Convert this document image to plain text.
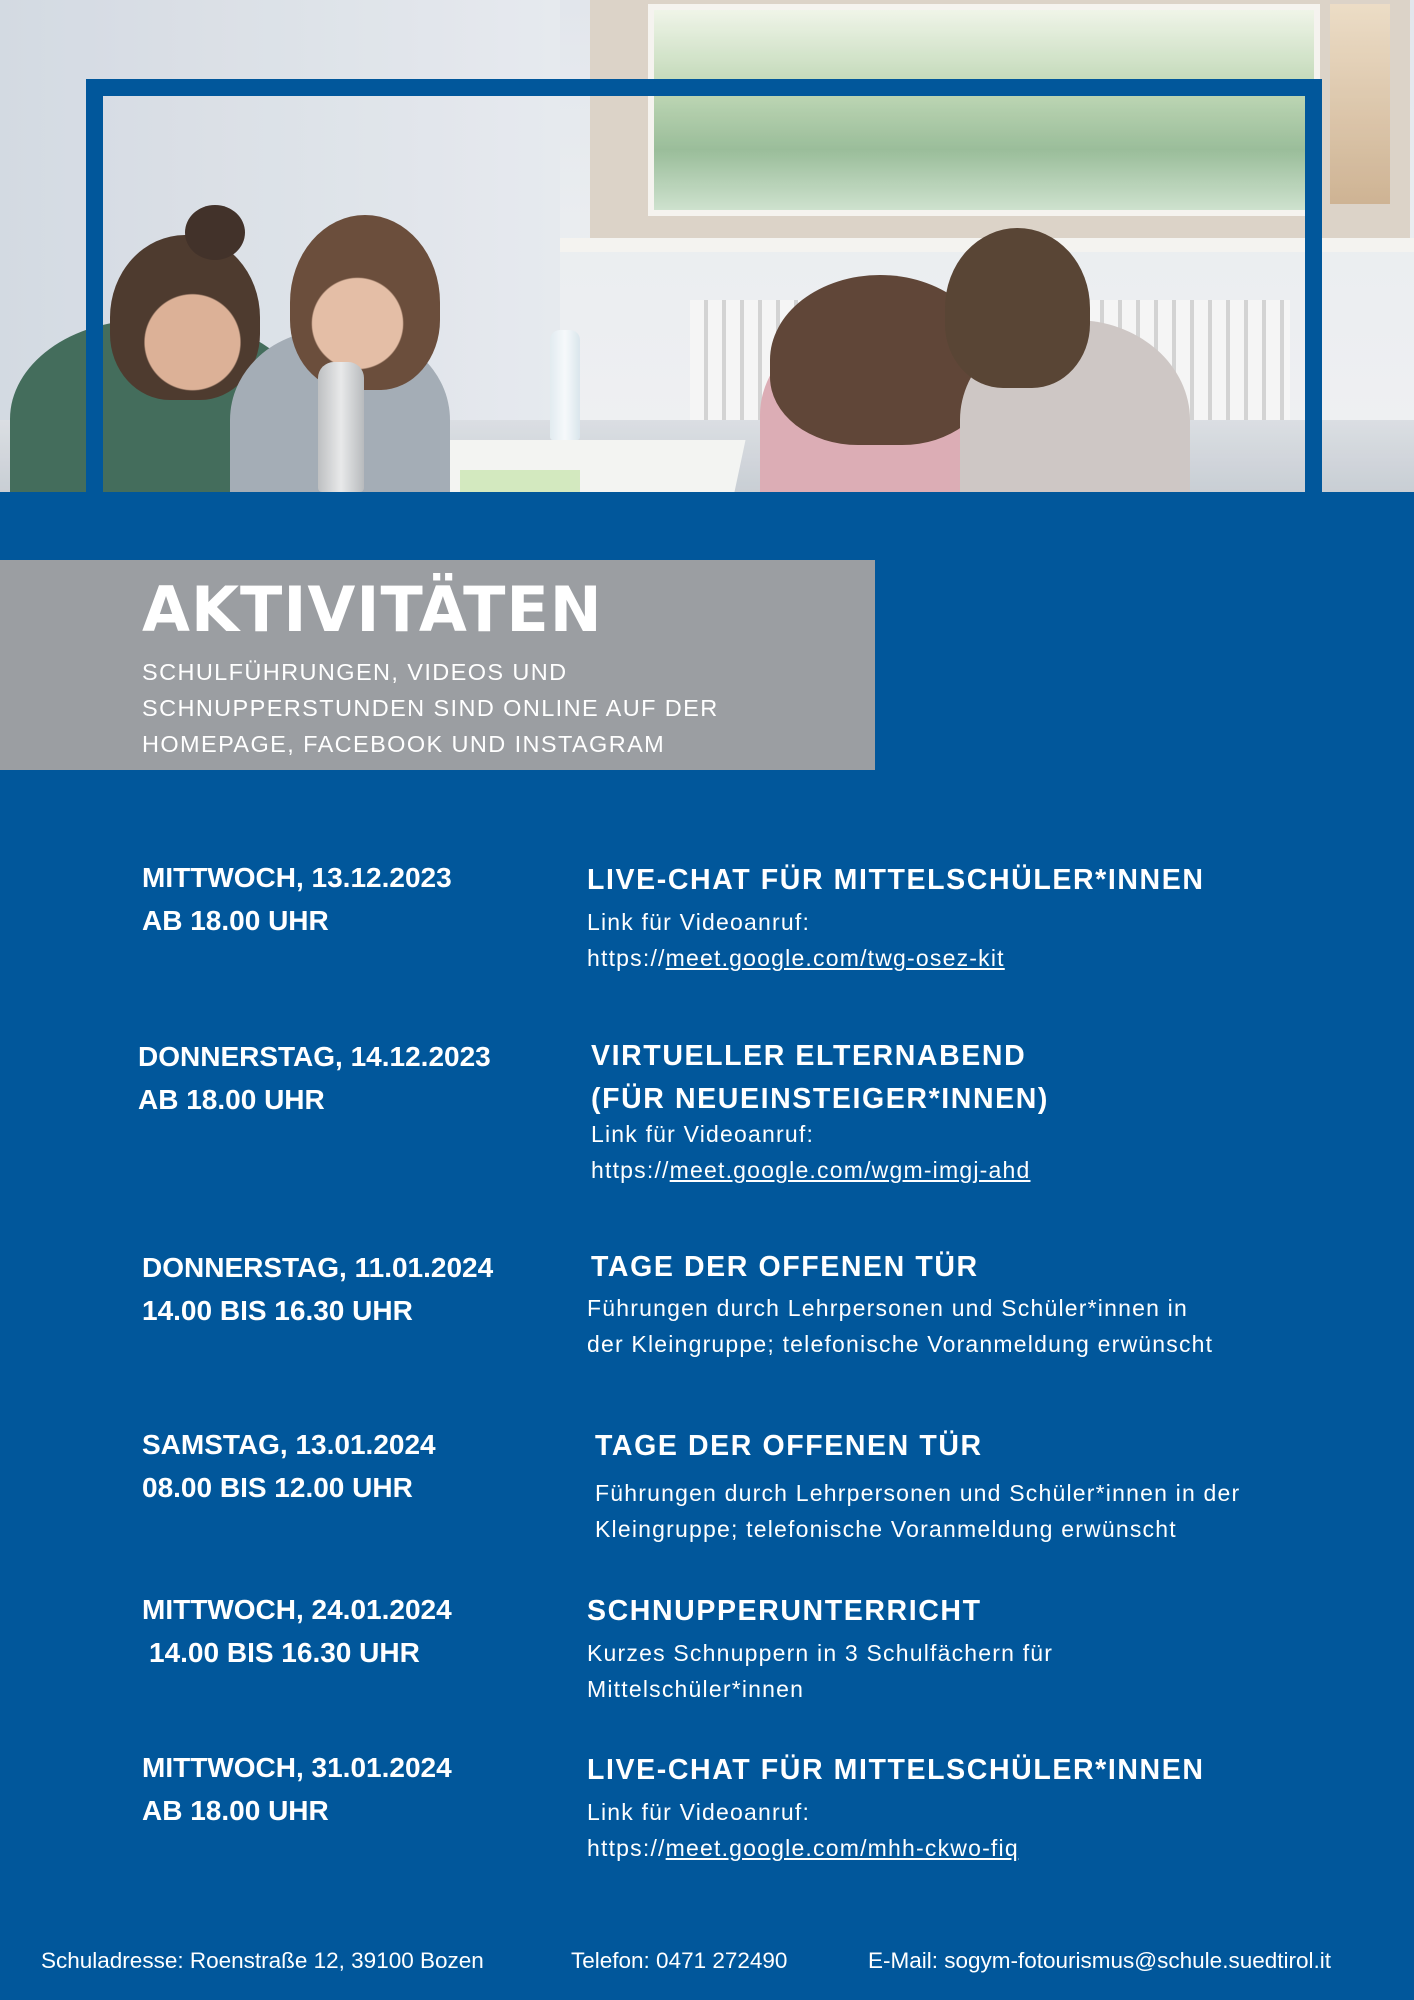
AKTIVITÄTEN
SCHULFÜHRUNGEN, VIDEOS UND
SCHNUPPERSTUNDEN SIND ONLINE AUF DER
HOMEPAGE, FACEBOOK UND INSTAGRAM
MITTWOCH, 13.12.2023
AB 18.00 UHR
LIVE-CHAT FÜR MITTELSCHÜLER*INNEN
Link für Videoanruf:
https://meet.google.com/twg-osez-kit
DONNERSTAG, 14.12.2023
AB 18.00 UHR
VIRTUELLER ELTERNABEND
(FÜR NEUEINSTEIGER*INNEN)
Link für Videoanruf:
https://meet.google.com/wgm-imgj-ahd
DONNERSTAG, 11.01.2024
14.00 BIS 16.30 UHR
TAGE DER OFFENEN TÜR
Führungen durch Lehrpersonen und Schüler*innen in
der Kleingruppe; telefonische Voranmeldung erwünscht
SAMSTAG, 13.01.2024
08.00 BIS 12.00 UHR
TAGE DER OFFENEN TÜR
Führungen durch Lehrpersonen und Schüler*innen in der
Kleingruppe; telefonische Voranmeldung erwünscht
MITTWOCH, 24.01.2024
14.00 BIS 16.30 UHR
SCHNUPPERUNTERRICHT
Kurzes Schnuppern in 3 Schulfächern für
Mittelschüler*innen
MITTWOCH, 31.01.2024
AB 18.00 UHR
LIVE-CHAT FÜR MITTELSCHÜLER*INNEN
Link für Videoanruf:
https://meet.google.com/mhh-ckwo-fiq
Schuladresse: Roenstraße 12, 39100 Bozen	Telefon: 0471 272490	E-Mail: sogym-fotourismus@schule.suedtirol.it
